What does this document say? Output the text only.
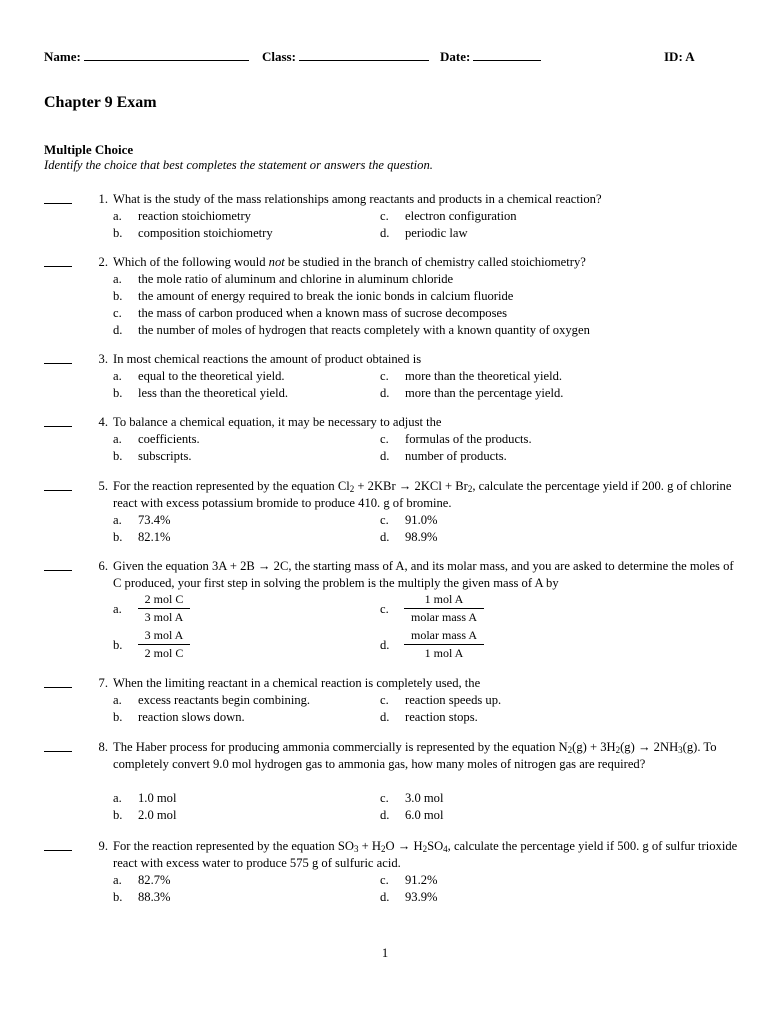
Name:	Class:	Date:	ID: A
Chapter 9 Exam
Multiple Choice
Identify the choice that best completes the statement or answers the question.
1. What is the study of the mass relationships among reactants and products in a chemical reaction?
a.	reaction stoichiometry
b.	composition stoichiometry
c.	electron configuration
d.	periodic law
2. Which of the following would not be studied in the branch of chemistry called stoichiometry?
a.	the mole ratio of aluminum and chlorine in aluminum chloride
b.	the amount of energy required to break the ionic bonds in calcium fluoride
c.	the mass of carbon produced when a known mass of sucrose decomposes
d.	the number of moles of hydrogen that reacts completely with a known quantity of oxygen
3. In most chemical reactions the amount of product obtained is
a.	equal to the theoretical yield.
b.	less than the theoretical yield.
c.	more than the theoretical yield.
d.	more than the percentage yield.
4. To balance a chemical equation, it may be necessary to adjust the
a.	coefficients.
b.	subscripts.
c.	formulas of the products.
d.	number of products.
5. For the reaction represented by the equation $Cl_2 + 2KBr \to 2KCl + Br_2$, calculate the percentage yield if 200. g of chlorine react with excess potassium bromide to produce 410. g of bromine.
a.	73.4%
b.	82.1%
c.	91.0%
d.	98.9%
6. Given the equation 3A + 2B → 2C, the starting mass of A, and its molar mass, and you are asked to determine the moles of C produced, your first step in solving the problem is the multiply the given mass of A by
a.
2 mol C
3 mol A
b.
3 mol A
2 mol C
c.
1 mol A
molar mass A
d.
molar mass A
1 mol A
7. When the limiting reactant in a chemical reaction is completely used, the
a.	excess reactants begin combining.
b.	reaction slows down.
c.	reaction speeds up.
d.	reaction stops.
8. The Haber process for producing ammonia commercially is represented by the equation $N_2(g) + 3H_2(g) \to 2NH_3(g)$. To completely convert 9.0 mol hydrogen gas to ammonia gas, how many moles of nitrogen gas are required?
a.	1.0 mol
b.	2.0 mol
c.	3.0 mol
d.	6.0 mol
9. For the reaction represented by the equation $SO_3 + H_2O \to H_2SO_4$, calculate the percentage yield if 500. g of sulfur trioxide react with excess water to produce 575 g of sulfuric acid.
a.	82.7%
b.	88.3%
c.	91.2%
d.	93.9%
1
